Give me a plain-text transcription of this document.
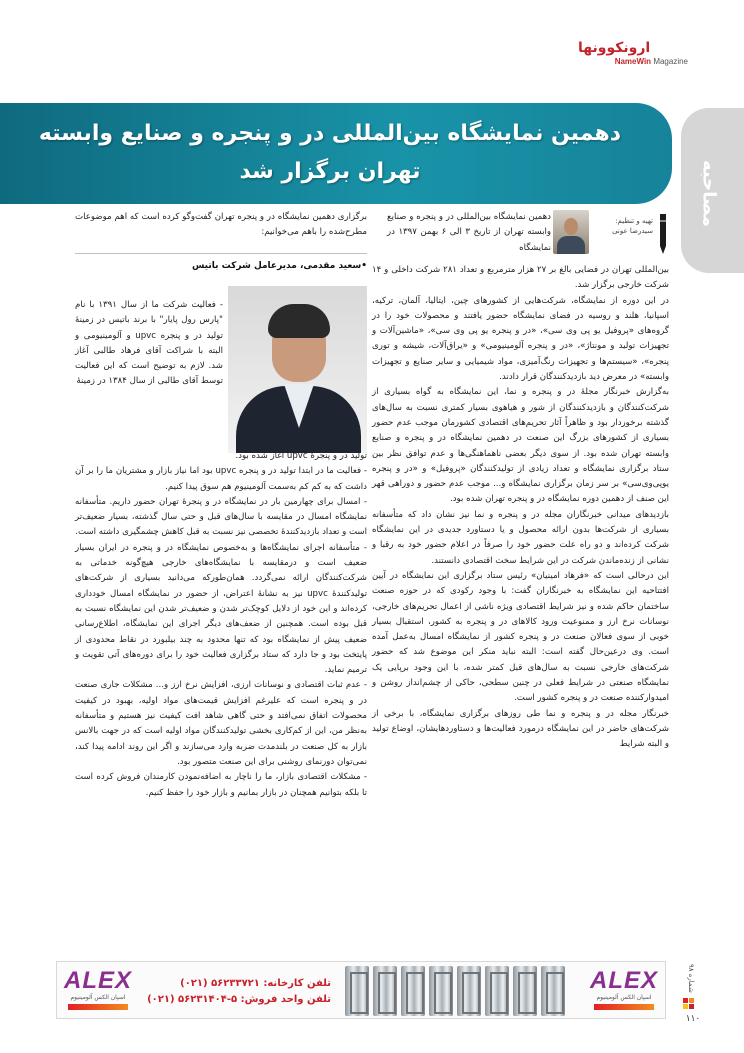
ارونکوونها
NameWin Magazine
دهمین نمایشگاه بین‌المللی در و پنجره و صنایع وابسته
تهران برگزار شد	مصاحبه
تهیه و تنظیم:
سیدرضا عونی
دهمین نمایشگاه بین‌المللی در و پنجره و صنایع وابسته تهران از تاریخ ۳ الی ۶ بهمن ۱۳۹۷ در نمایشگاه

بین‌المللی تهران در فضایی بالغ بر ۲۷ هزار مترمربع و تعداد ۲۸۱ شرکت داخلی و ۱۴ شرکت خارجی برگزار شد.

در این دوره از نمایشگاه، شرکت‌هایی از کشورهای چین، ایتالیا، آلمان، ترکیه، اسپانیا، هلند و روسیه در فضای نمایشگاه حضور یافتند و محصولات خود را در گروه‌های «پروفیل یو پی وی سی»، «در و پنجره یو پی وی سی»، «ماشین‌آلات و تجهیزات تولید و مونتاژ»، «در و پنجره آلومینیومی» و «یراق‌آلات، شیشه و توری پنجره»، «سیستم‌ها و تجهیزات رنگ‌آمیزی، مواد شیمیایی و سایر صنایع و تجهیزات وابسته» در معرض دید بازدیدکنندگان قرار دادند.

به‌گزارش خبرنگار مجلهٔ در و پنجره و نما، این نمایشگاه به گواه بسیاری از شرکت‌کنندگان و بازدیدکنندگان از شور و هیاهوی بسیار کمتری نسبت به سال‌های گذشته برخوردار بود و ظاهراً آثار تحریم‌های اقتصادی کشورمان موجب عدم حضور بسیاری از کشورهای بزرگ این صنعت در دهمین نمایشگاه در و پنجره و صنایع وابسته تهران شده بود. از سوی دیگر بعضی ناهماهنگی‌ها و عدم توافق نظر بین ستاد برگزاری نمایشگاه و تعداد زیادی از تولیدکنندگان «پروفیل» و «در و پنجره یوپی‌وی‌سی» بر سر زمان برگزاری نمایشگاه و... موجب عدم حضور و دوراهی قهر این صنف از دهمین دوره نمایشگاه در و پنجره تهران شده بود.

بازدیدهای میدانی خبرنگاران مجله در و پنجره و نما نیز نشان داد که متأسفانه بسیاری از شرکت‌ها بدون ارائه محصول و یا دستاورد جدیدی در این نمایشگاه شرکت کرده‌اند و دو راه علت حضور خود را صرفاً در اعلام حضور خود به رقبا و نشانی از زنده‌ماندن شرکت در این شرایط سخت اقتصادی دانستند.

این درحالی است که «فرهاد امینیان» رئیس ستاد برگزاری این نمایشگاه در آیین افتتاحیه این نمایشگاه به خبرنگاران گفت: با وجود رکودی که در حوزه صنعت ساختمان حاکم شده و نیز شرایط اقتصادی ویژه ناشی از اعمال تحریم‌های خارجی، نوسانات نرخ ارز و ممنوعیت ورود کالاهای در و پنجره به کشور، استقبال بسیار خوبی از سوی فعالان صنعت در و پنجره کشور از نمایشگاه امسال به‌عمل آمده است. وی درعین‌حال گفته است: البته نباید منکر این موضوع شد که حضور شرکت‌های خارجی نسبت به سال‌های قبل کمتر شده، با این وجود برپایی یک نمایشگاه صنعتی در شرایط فعلی در چنین سطحی، حاکی از چشم‌انداز روشن و امیدوارکننده صنعت در و پنجره کشور است.

خبرنگار مجله در و پنجره و نما طی روزهای برگزاری نمایشگاه، با برخی از شرکت‌های حاضر در این نمایشگاه درمورد فعالیت‌ها و دستاوردهایشان، اوضاع تولید و البته شرایط

برگزاری دهمین نمایشگاه در و پنجره تهران گفت‌وگو کرده است که اهم موضوعات مطرح‌شده را باهم می‌خوانیم:
•سعید مقدمی، مدیرعامل شرکت باتیس
- فعالیت شرکت ما از سال ۱۳۹۱ با نام "پارس رول پایار" با برند باتیس در زمینهٔ تولید در و پنجره upvc و آلومینیومی و البته با شراکت آقای فرهاد طالبی آغاز شد. لازم به توضیح است که این فعالیت توسط آقای طالبی از سال ۱۳۸۴ در زمینهٔ

تولید در و پنجرهٔ upvc آغاز شده بود.

- فعالیت ما در ابتدا تولید در و پنجره upvc بود اما نیاز بازار و مشتریان ما را بر آن داشت که به کم کم به‌سمت آلومینیوم هم سوق پیدا کنیم.

- امسال برای چهارمین بار در نمایشگاه در و پنجرهٔ تهران حضور داریم. متأسفانه نمایشگاه امسال در مقایسه با سال‌های قبل و حتی سال گذشته، بسیار ضعیف‌تر است و تعداد بازدیدکنندهٔ تخصصی نیز نسبت به قبل کاهش چشمگیری داشته است.

- متأسفانه اجرای نمایشگاه‌ها و به‌خصوص نمایشگاه در و پنجره در ایران بسیار ضعیف است و درمقایسه با نمایشگاه‌های خارجی هیچ‌گونه خدماتی به شرکت‌کنندگان ارائه نمی‌گردد. همان‌طورکه می‌دانید بسیاری از شرکت‌های تولیدکنندهٔ upvc نیز به نشانهٔ اعتراض، از حضور در نمایشگاه امسال خودداری کرده‌اند و این خود از دلایل کوچک‌تر شدن و ضعیف‌تر شدن این نمایشگاه نسبت به قبل بوده است. همچنین از ضعف‌های دیگر اجرای این نمایشگاه، اطلاع‌رسانی ضعیف پیش از نمایشگاه بود که تنها محدود به چند بیلبورد در نقاط محدودی از پایتخت بود و جا دارد که ستاد برگزاری فعالیت خود را برای دوره‌های آتی تقویت و ترمیم نماید.

- عدم ثبات اقتصادی و نوسانات ارزی، افزایش نرخ ارز و... مشکلات جاری صنعت در و پنجره است که علیرغم افزایش قیمت‌های مواد اولیه، بهبود در کیفیت محصولات اتفاق نمی‌افتد و حتی گاهی شاهد افت کیفیت نیز هستیم و متأسفانه به‌نظر من، این از کم‌کاری بخشی تولیدکنندگان مواد اولیه است که در جهت بالانس بازار به کل صنعت در بلندمدت ضربه وارد می‌سازند و اگر این روند ادامه پیدا کند، نمی‌توان دورنمای روشنی برای این صنعت متصور بود.

- مشکلات اقتصادی بازار، ما را ناچار به اضافه‌نمودن کارمندان فروش کرده است تا بلکه بتوانیم همچنان در بازار بمانیم و بازار خود را حفظ کنیم.

ALEX
اسپان الکس آلومینیوم
تلفن کارخانه: ۵۶۲۳۳۷۲۱ (۰۲۱)
تلفن واحد فروش: ۵-۵۶۲۳۱۴۰۴ (۰۲۱)
ALEX
اسپان الکس آلومینیوم
شماره ۹۸
۱۱۰
